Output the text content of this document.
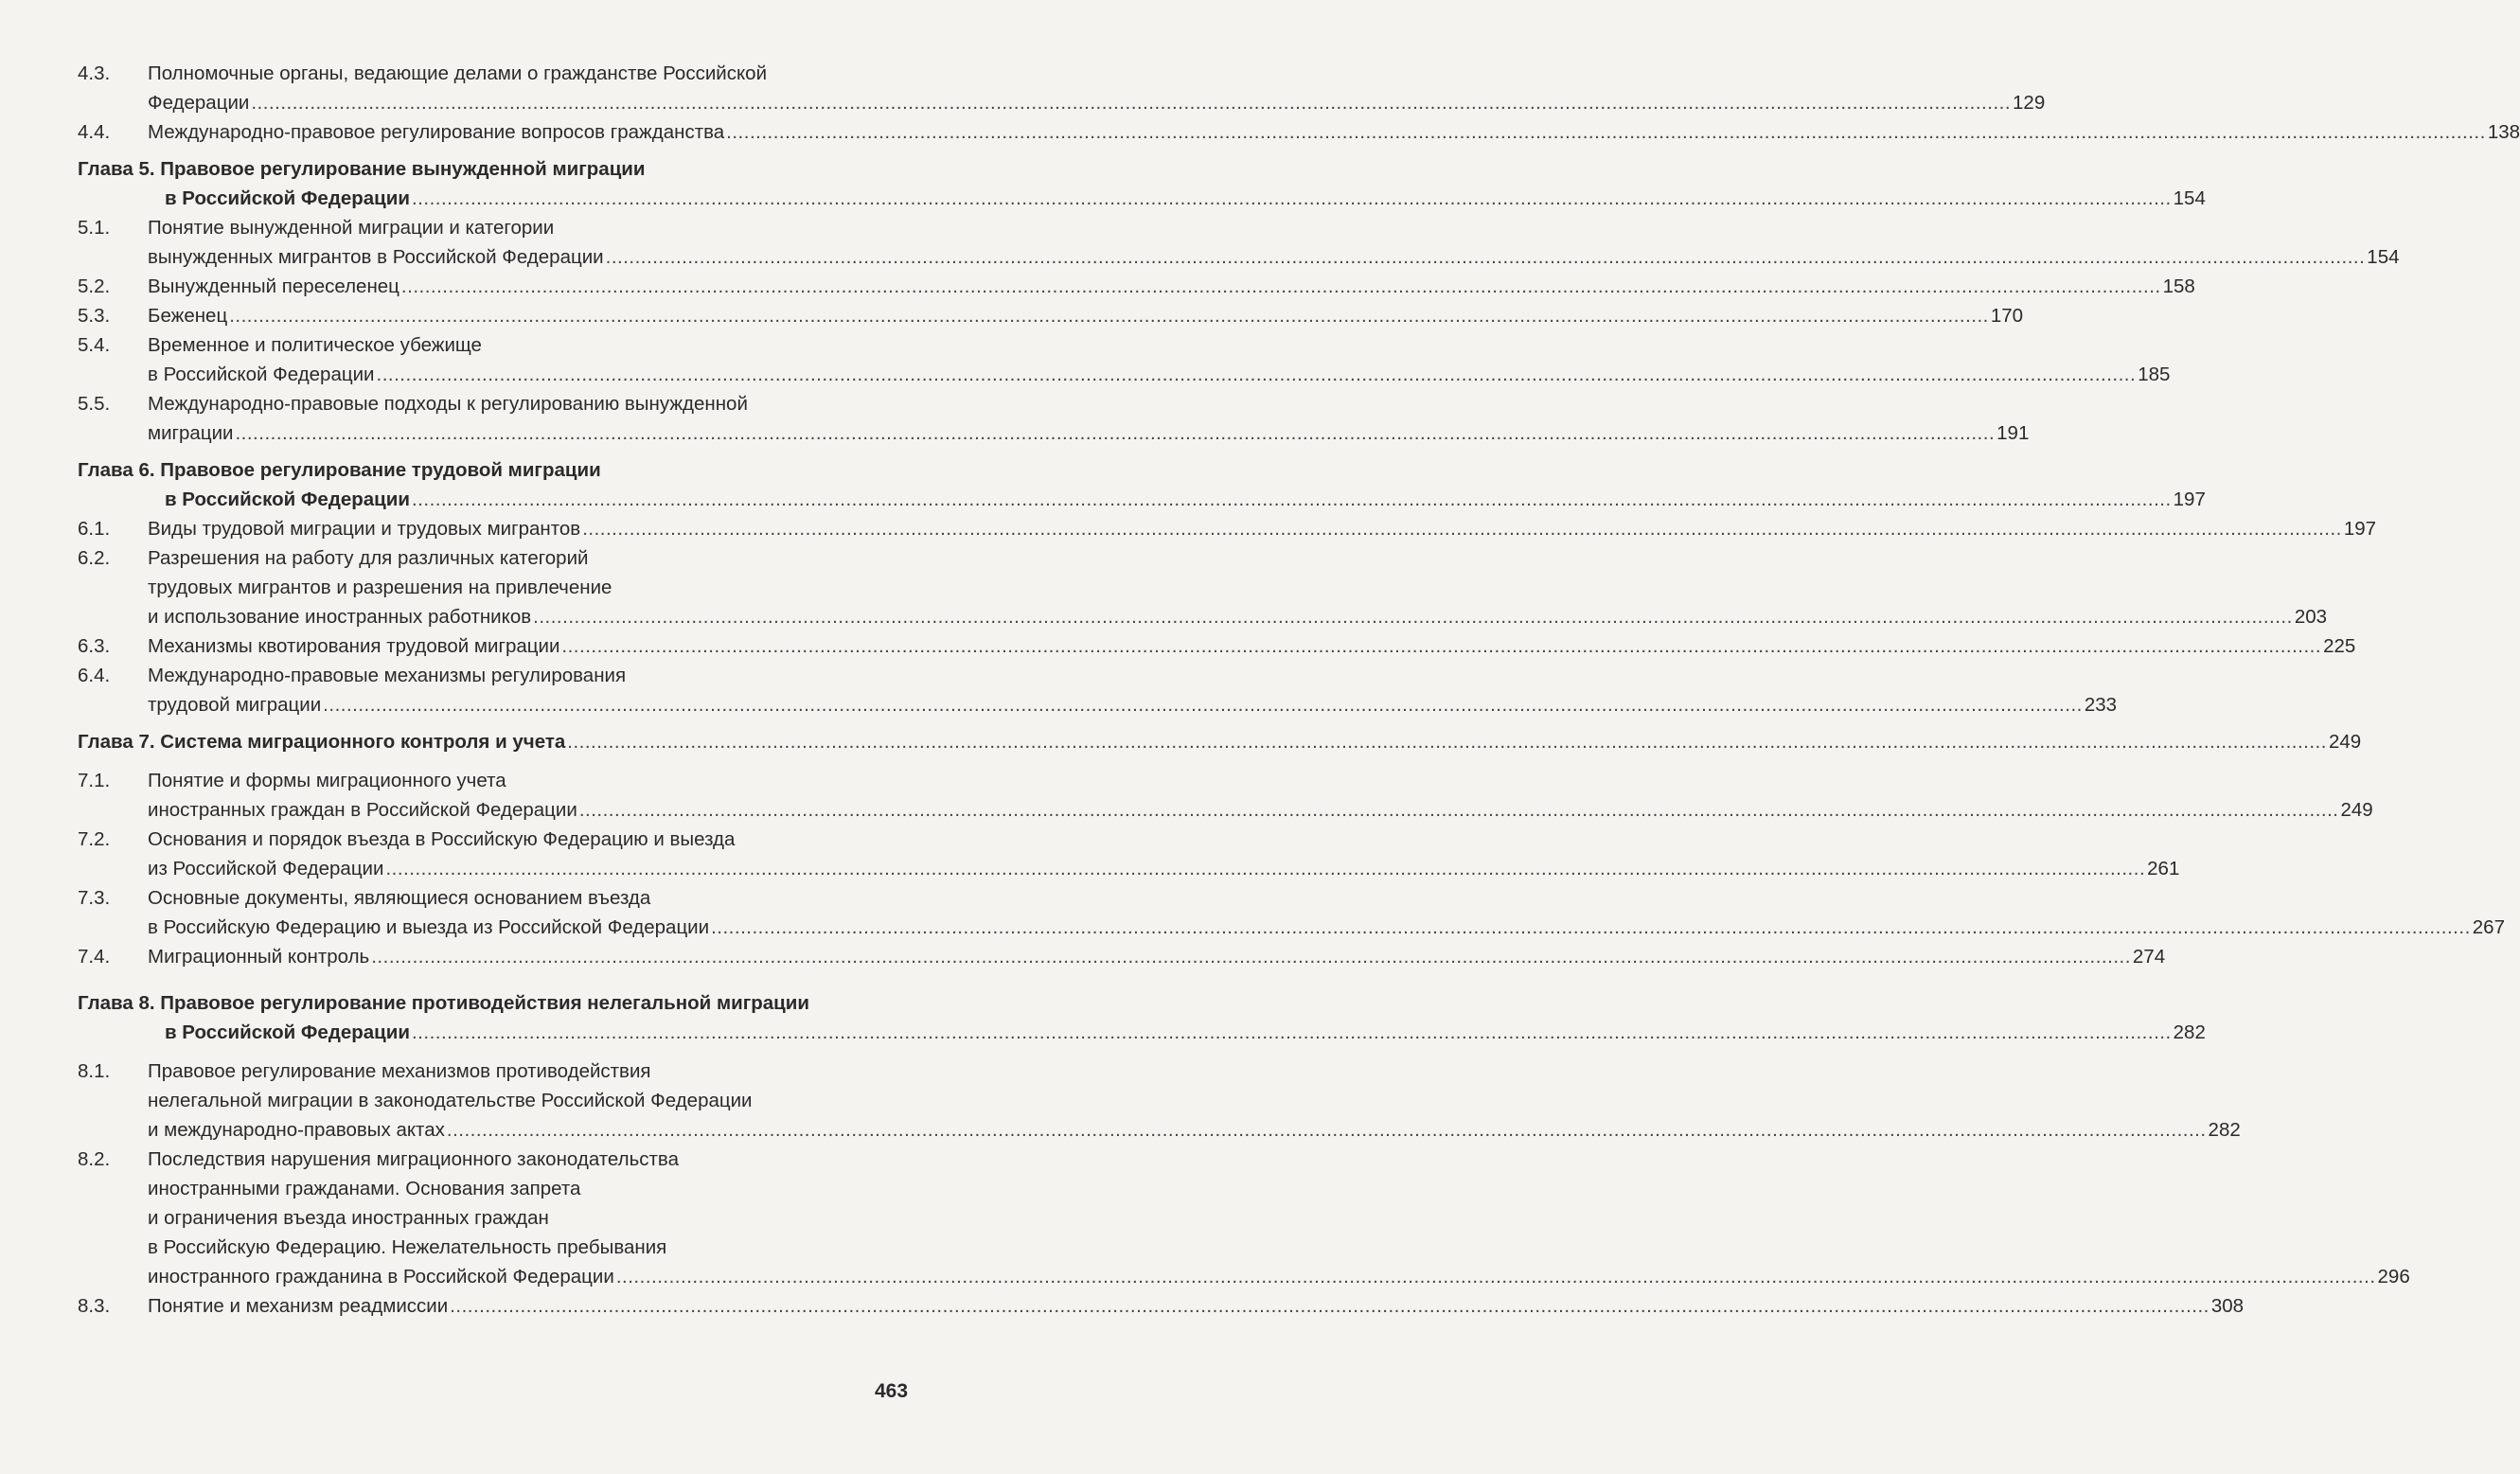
4.3.	Полномочные органы, ведающие делами о гражданстве Российской
Федерации .....	129
4.4.	Международно-правовое регулирование вопросов гражданства .....	138
Глава 5. Правовое регулирование вынужденной миграции
в Российской Федерации .....	154
5.1.	Понятие вынужденной миграции и категории
вынужденных мигрантов в Российской Федерации .....	154
5.2.	Вынужденный переселенец .....	158
5.3.	Беженец .....	170
5.4.	Временное и политическое убежище
в Российской Федерации .....	185
5.5.	Международно-правовые подходы к регулированию вынужденной
миграции .....	191
Глава 6. Правовое регулирование трудовой миграции
в Российской Федерации .....	197
6.1.	Виды трудовой миграции и трудовых мигрантов .....	197
6.2.	Разрешения на работу для различных категорий
трудовых мигрантов и разрешения на привлечение
и использование иностранных работников .....	203
6.3.	Механизмы квотирования трудовой миграции .....	225
6.4.	Международно-правовые механизмы регулирования
трудовой миграции .....	233
Глава 7. Система миграционного контроля и учета .....	249
7.1.	Понятие и формы миграционного учета
иностранных граждан в Российской Федерации .....	249
7.2.	Основания и порядок въезда в Российскую Федерацию и выезда
из Российской Федерации .....	261
7.3.	Основные документы, являющиеся основанием въезда
в Российскую Федерацию и выезда из Российской Федерации .....	267
7.4.	Миграционный контроль .....	274
Глава 8. Правовое регулирование противодействия нелегальной миграции
в Российской Федерации .....	282
8.1.	Правовое регулирование механизмов противодействия
нелегальной миграции в законодательстве Российской Федерации
и международно-правовых актах .....	282
8.2.	Последствия нарушения миграционного законодательства
иностранными гражданами. Основания запрета
и ограничения въезда иностранных граждан
в Российскую Федерацию. Нежелательность пребывания
иностранного гражданина в Российской Федерации .....	296
8.3.	Понятие и механизм реадмиссии .....	308
463
